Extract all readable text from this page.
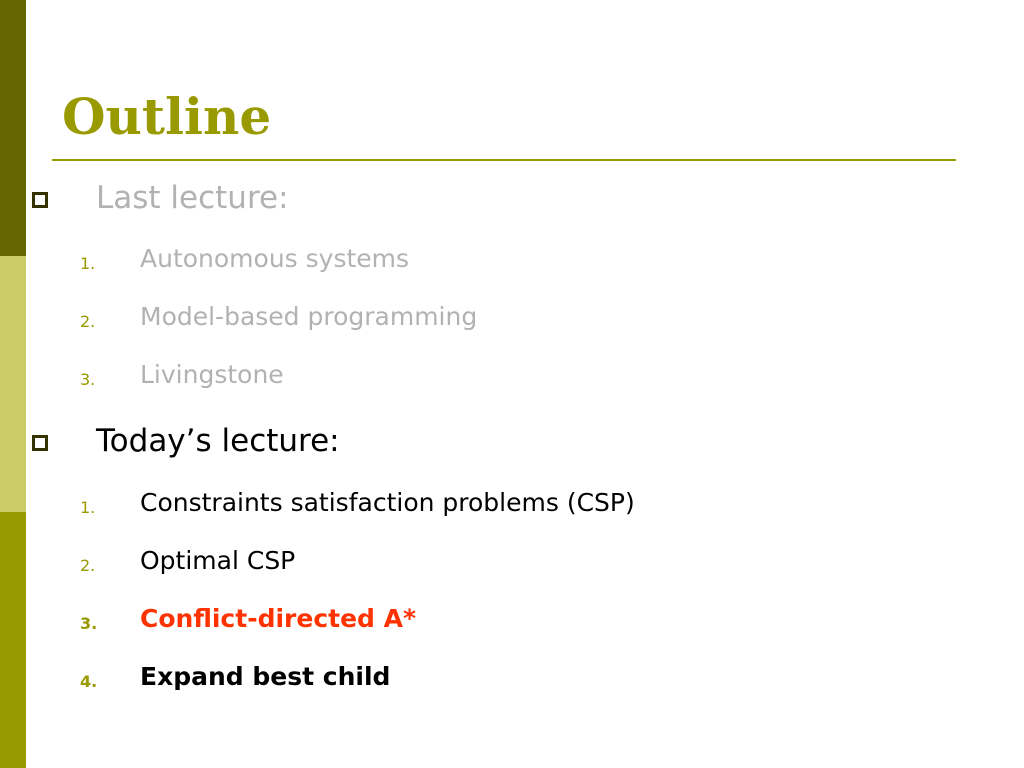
Outline
Last lecture:
1. Autonomous systems
2. Model-based programming
3. Livingstone
Today’s lecture:
1. Constraints satisfaction problems (CSP)
2. Optimal CSP
3. Conflict-directed A*
4. Expand best child
